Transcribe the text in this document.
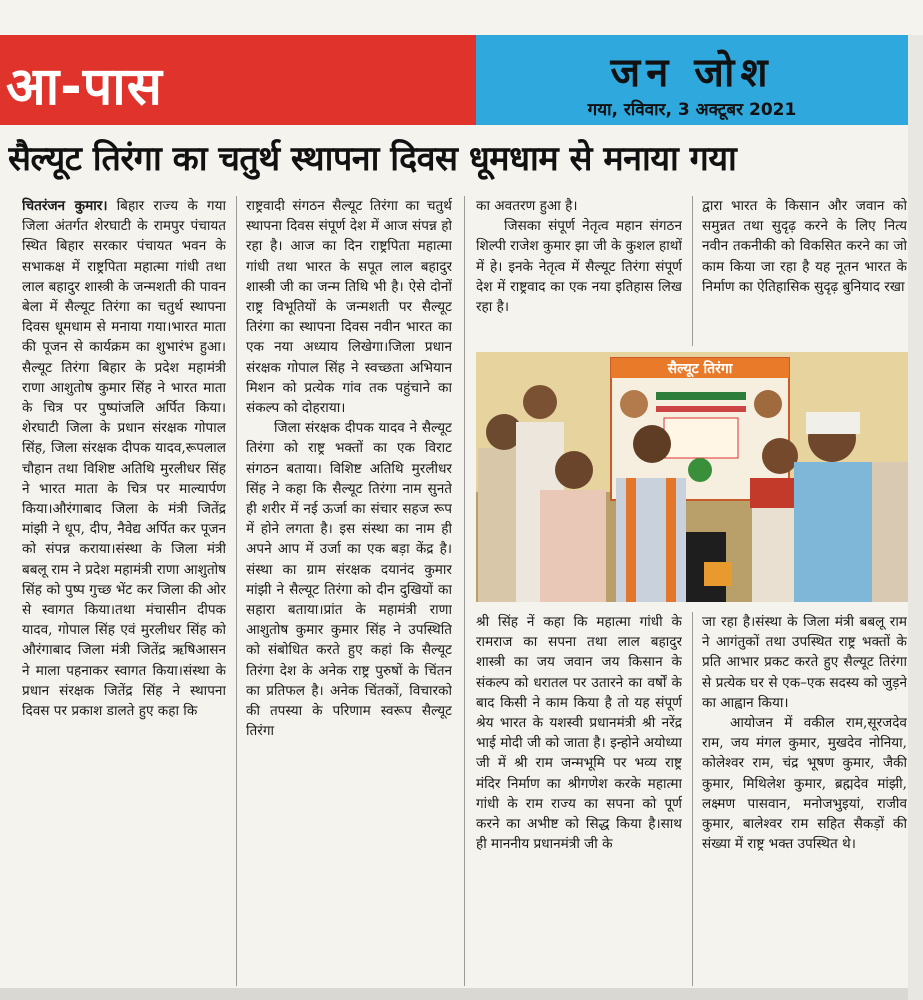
आ-पास	जन जोश
गया, रविवार, 3 अक्टूबर 2021
सैल्यूट तिरंगा का चतुर्थ स्थापना दिवस धूमधाम से मनाया गया

चितरंजन कुमार। बिहार राज्य के गया जिला अंतर्गत शेरघाटी के रामपुर पंचायत स्थित बिहार सरकार पंचायत भवन के सभाकक्ष में राष्ट्रपिता महात्मा गांधी तथा लाल बहादुर शास्त्री के जन्मशती की पावन बेला में सैल्यूट तिरंगा का चतुर्थ स्थापना दिवस धूमधाम से मनाया गया।भारत माता की पूजन से कार्यक्रम का शुभारंभ हुआ। सैल्यूट तिरंगा बिहार के प्रदेश महामंत्री राणा आशुतोष कुमार सिंह ने भारत माता के चित्र पर पुष्पांजलि अर्पित किया। शेरघाटी जिला के प्रधान संरक्षक गोपाल सिंह, जिला संरक्षक दीपक यादव,रूपलाल चौहान तथा विशिष्ट अतिथि मुरलीधर सिंह ने भारत माता के चित्र पर माल्यार्पण किया।औरंगाबाद जिला के मंत्री जितेंद्र मांझी ने धूप, दीप, नैवेद्य अर्पित कर पूजन को संपन्न कराया।संस्था के जिला मंत्री बबलू राम ने प्रदेश महामंत्री राणा आशुतोष सिंह को पुष्प गुच्छ भेंट कर जिला की ओर से स्वागत किया।तथा मंचासीन दीपक यादव, गोपाल सिंह एवं मुरलीधर सिंह को औरंगाबाद जिला मंत्री जितेंद्र ऋषिआसन ने माला पहनाकर स्वागत किया।संस्था के प्रधान संरक्षक जितेंद्र सिंह ने स्थापना दिवस पर प्रकाश डालते हुए कहा कि

राष्ट्रवादी संगठन सैल्यूट तिरंगा का चतुर्थ स्थापना दिवस संपूर्ण देश में आज संपन्न हो रहा है। आज का दिन राष्ट्रपिता महात्मा गांधी तथा भारत के सपूत लाल बहादुर शास्त्री जी का जन्म तिथि भी है। ऐसे दोनों राष्ट्र विभूतियों के जन्मशती पर सैल्यूट तिरंगा का स्थापना दिवस नवीन भारत का एक नया अध्याय लिखेगा।जिला प्रधान संरक्षक गोपाल सिंह ने स्वच्छता अभियान मिशन को प्रत्येक गांव तक पहुंचाने का संकल्प को दोहराया।

जिला संरक्षक दीपक यादव ने सैल्यूट तिरंगा को राष्ट्र भक्तों का एक विराट संगठन बताया। विशिष्ट अतिथि मुरलीधर सिंह ने कहा कि सैल्यूट तिरंगा नाम सुनते ही शरीर में नई ऊर्जा का संचार सहज रूप में होने लगता है। इस संस्था का नाम ही अपने आप में उर्जा का एक बड़ा केंद्र है। संस्था का ग्राम संरक्षक दयानंद कुमार मांझी ने सैल्यूट तिरंगा को दीन दुखियों का सहारा बताया।प्रांत के महामंत्री राणा आशुतोष कुमार कुमार सिंह ने उपस्थिति को संबोधित करते हुए कहां कि सैल्यूट तिरंगा देश के अनेक राष्ट्र पुरुषों के चिंतन का प्रतिफल है। अनेक चिंतकों, विचारको की तपस्या के परिणाम स्वरूप सैल्यूट तिरंगा

का अवतरण हुआ है।

जिसका संपूर्ण नेतृत्व महान संगठन शिल्पी राजेश कुमार झा जी के कुशल हाथों में हे। इनके नेतृत्व में सैल्यूट तिरंगा संपूर्ण देश में राष्ट्रवाद का एक नया इतिहास लिख रहा है।

द्वारा भारत के किसान और जवान को समुन्नत तथा सुदृढ़ करने के लिए नित्य नवीन तकनीकी को विकसित करने का जो काम किया जा रहा है यह नूतन भारत के निर्माण का ऐतिहासिक सुदृढ़ बुनियाद रखा

सैल्यूट तिरंगा

श्री सिंह नें कहा कि महात्मा गांधी के रामराज का सपना तथा लाल बहादुर शास्त्री का जय जवान जय किसान के संकल्प को धरातल पर उतारने का वर्षों के बाद किसी ने काम किया है तो यह संपूर्ण श्रेय भारत के यशस्वी प्रधानमंत्री श्री नरेंद्र भाई मोदी जी को जाता है। इन्होने अयोध्या जी में श्री राम जन्मभूमि पर भव्य राष्ट्र मंदिर निर्माण का श्रीगणेश करके महात्मा गांधी के राम राज्य का सपना को पूर्ण करने का अभीष्ट को सिद्ध किया है।साथ ही माननीय प्रधानमंत्री जी के

जा रहा है।संस्था के जिला मंत्री बबलू राम ने आगंतुकों तथा उपस्थित राष्ट्र भक्तों के प्रति आभार प्रकट करते हुए सैल्यूट तिरंगा से प्रत्येक घर से एक–एक सदस्य को जुड़ने का आह्वान किया।

आयोजन में वकील राम,सूरजदेव राम, जय मंगल कुमार, मुखदेव नोनिया, कोलेश्वर राम, चंद्र भूषण कुमार, जैकी कुमार, मिथिलेश कुमार, ब्रह्मदेव मांझी, लक्ष्मण पासवान, मनोजभुइयां, राजीव कुमार, बालेश्वर राम सहित सैकड़ों की संख्या में राष्ट्र भक्त उपस्थित थे।
